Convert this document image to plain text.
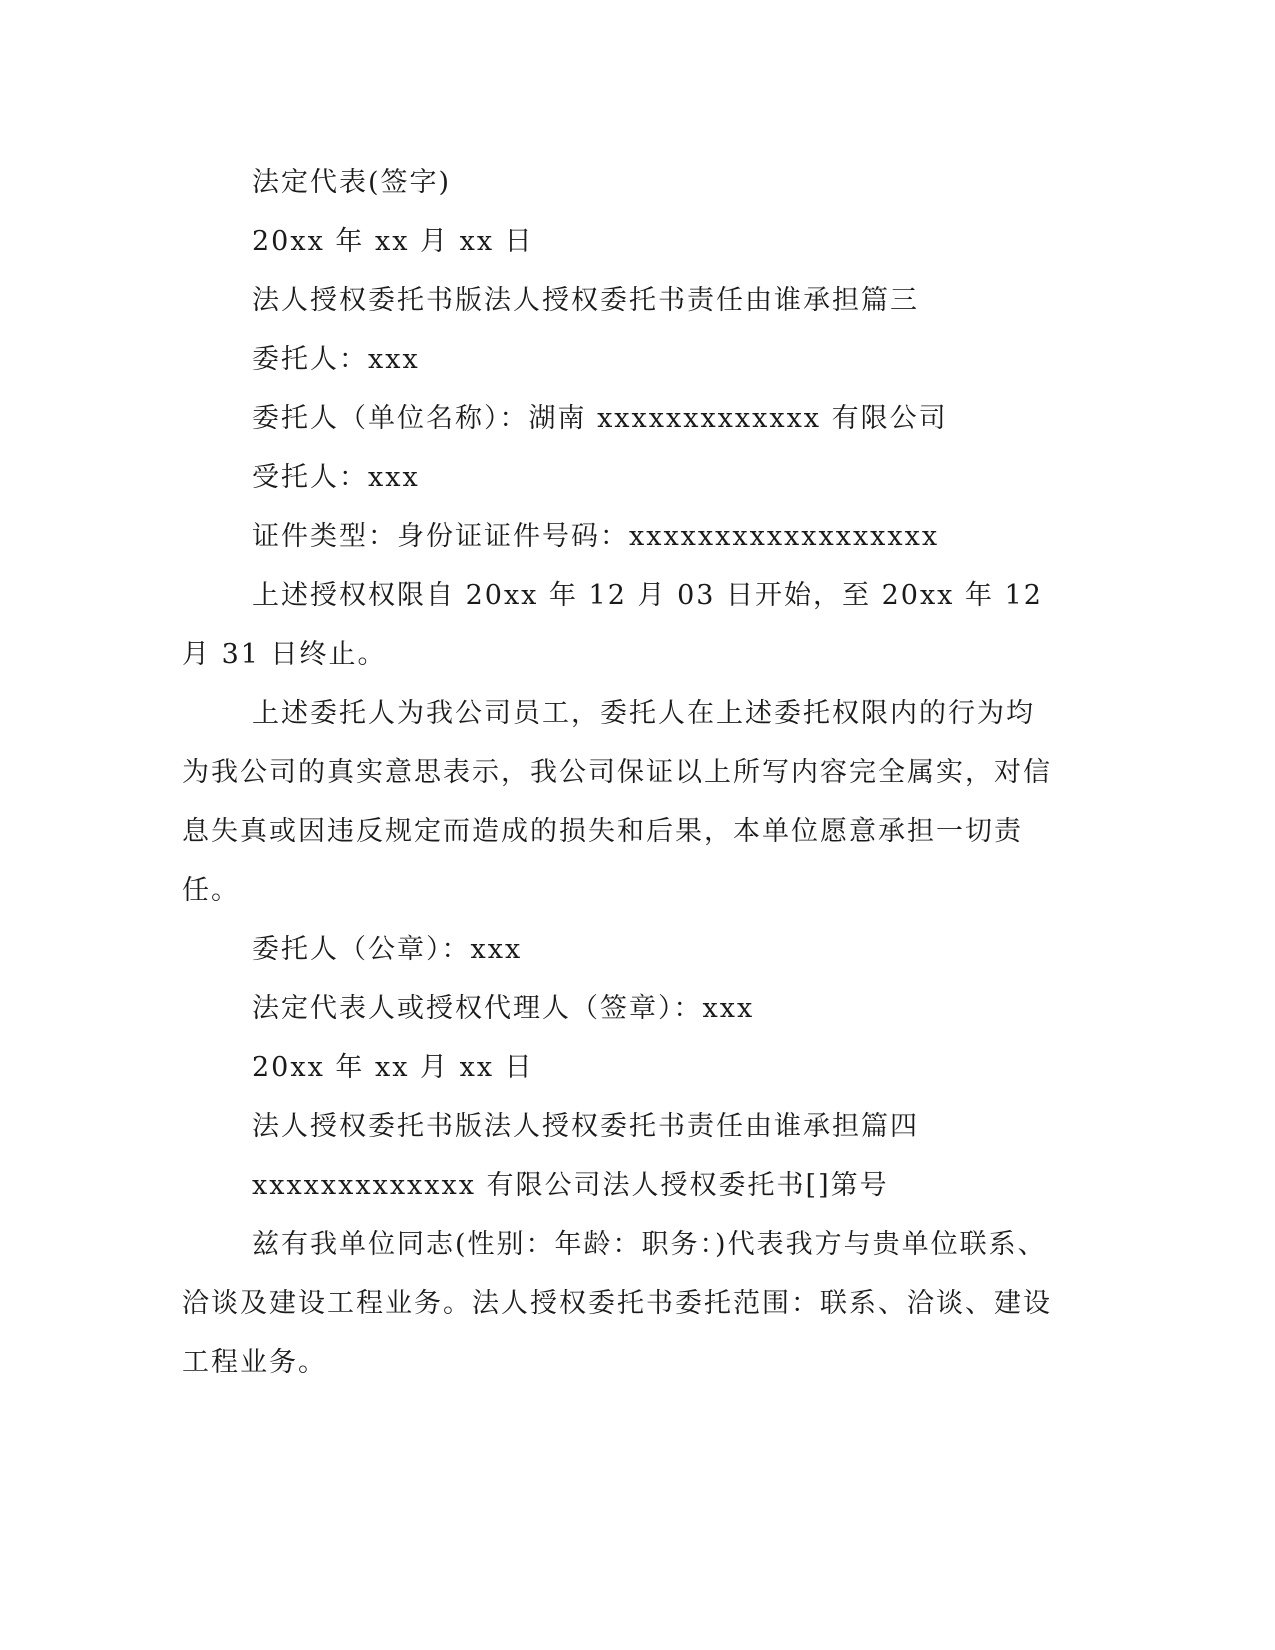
法定代表(签字)

20xx 年 xx 月 xx 日

法人授权委托书版法人授权委托书责任由谁承担篇三

委托人：xxx

委托人（单位名称）：湖南 xxxxxxxxxxxxx 有限公司

受托人：xxx

证件类型：身份证证件号码：xxxxxxxxxxxxxxxxxx

上述授权权限自 20xx 年 12 月 03 日开始，至 20xx 年 12 月 31 日终止。

上述委托人为我公司员工，委托人在上述委托权限内的行为均为我公司的真实意思表示，我公司保证以上所写内容完全属实，对信息失真或因违反规定而造成的损失和后果，本单位愿意承担一切责任。

委托人（公章）：xxx

法定代表人或授权代理人（签章）：xxx

20xx 年 xx 月 xx 日

法人授权委托书版法人授权委托书责任由谁承担篇四

xxxxxxxxxxxxx 有限公司法人授权委托书[]第号

兹有我单位同志(性别：年龄：职务：)代表我方与贵单位联系、洽谈及建设工程业务。法人授权委托书委托范围：联系、洽谈、建设工程业务。
